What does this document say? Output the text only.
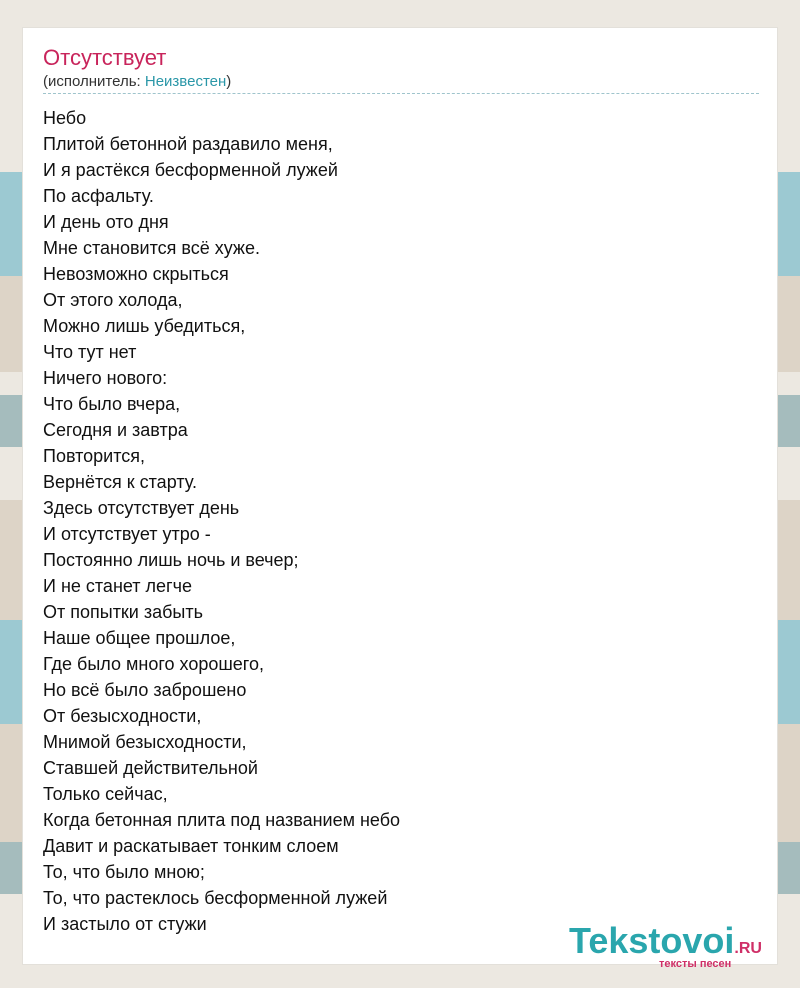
Отсутствует
(исполнитель: Неизвестен)
Небо
Плитой бетонной раздавило меня,
И я растёкся бесформенной лужей
По асфальту.
И день ото дня
Мне становится всё хуже.
Невозможно скрыться
От этого холода,
Можно лишь убедиться,
Что тут нет
Ничего нового:
Что было вчера,
Сегодня и завтра
Повторится,
Вернётся к старту.
Здесь отсутствует день
И отсутствует утро -
Постоянно лишь ночь и вечер;
И не станет легче
От попытки забыть
Наше общее прошлое,
Где было много хорошего,
Но всё было заброшено
От безысходности,
Мнимой безысходности,
Ставшей действительной
Только сейчас,
Когда бетонная плита под названием небо
Давит и раскатывает тонким слоем
То, что было мною;
То, что растеклось бесформенной лужей
И застыло от стужи	Tekstovoi.RU
тексты песен
